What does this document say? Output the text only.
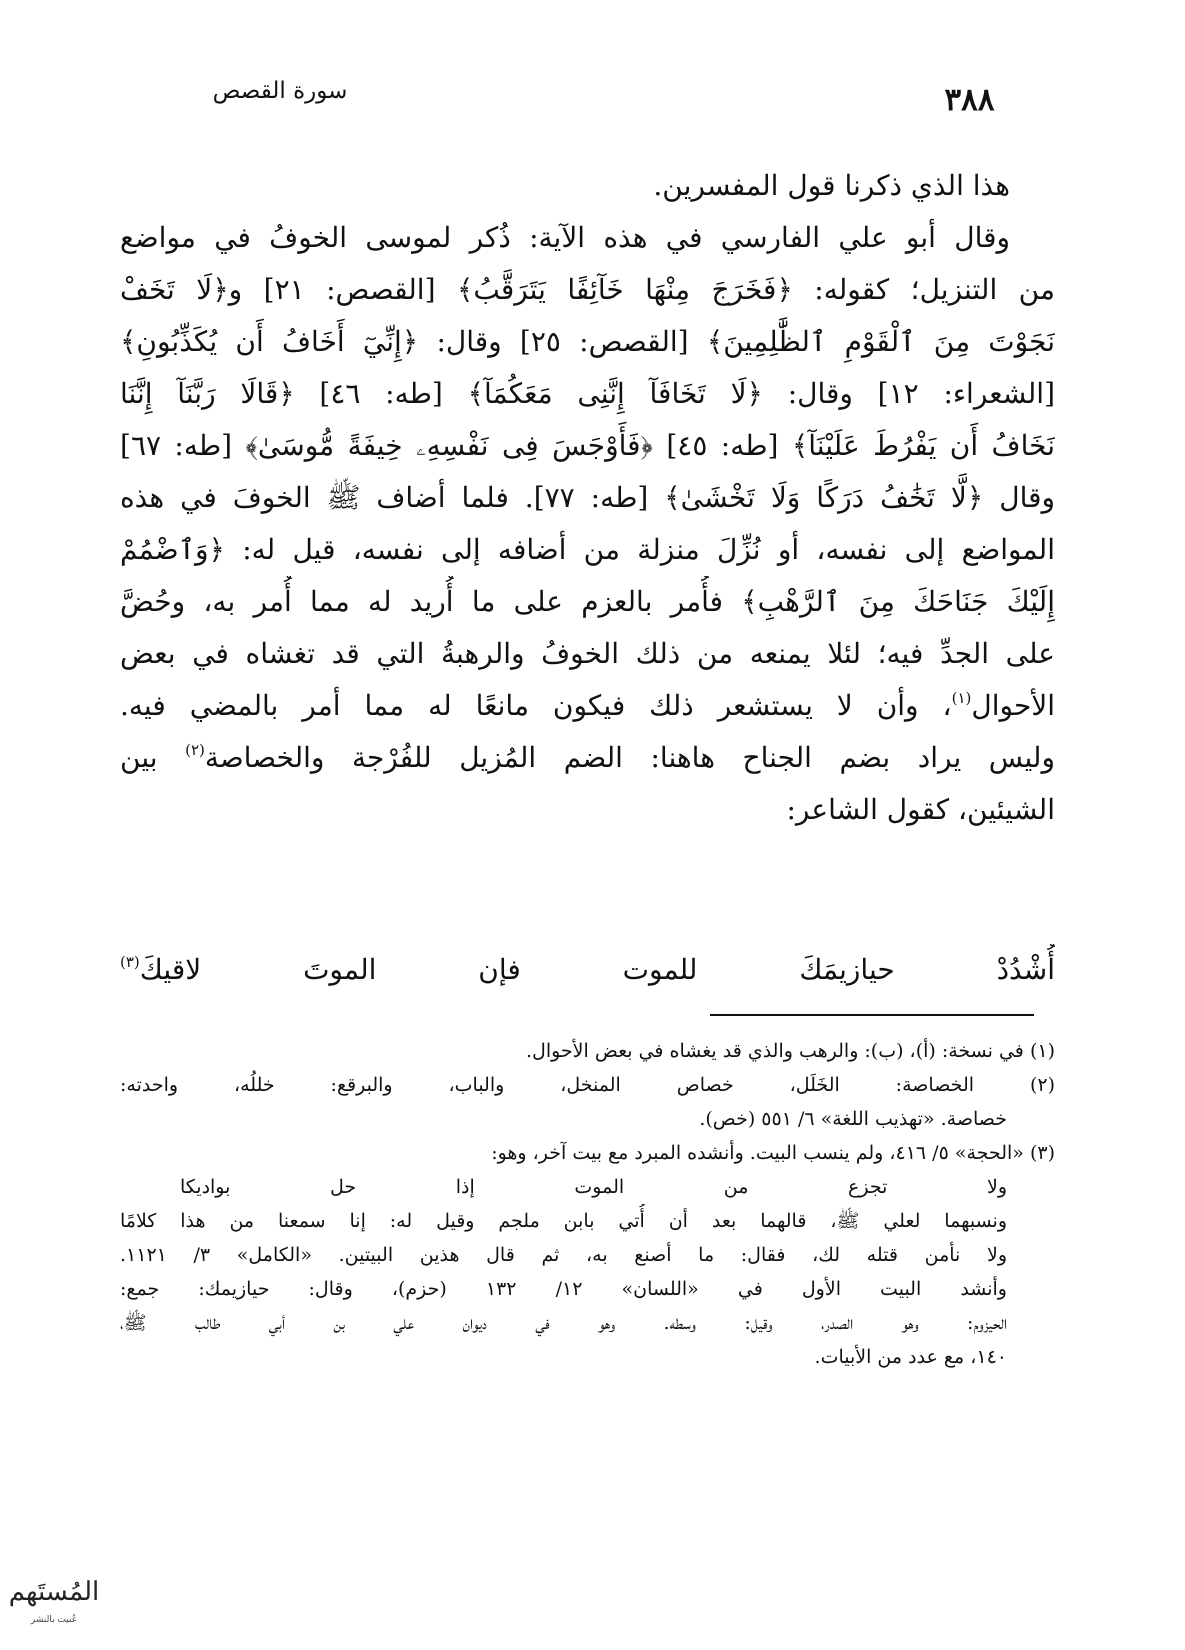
سورة القصص	٣٨٨
هذا الذي ذكرنا قول المفسرين.
وقال أبو علي الفارسي في هذه الآية: ذُكر لموسى الخوفُ في مواضع
من التنزيل؛ كقوله: ﴿فَخَرَجَ مِنْهَا خَآئِفًا يَتَرَقَّبُ﴾ [القصص: ٢١] و﴿لَا تَخَفْ
نَجَوْتَ مِنَ ٱلْقَوْمِ ٱلظَّٰلِمِينَ﴾ [القصص: ٢٥] وقال: ﴿إِنِّيٓ أَخَافُ أَن يُكَذِّبُونِ﴾
[الشعراء: ١٢] وقال: ﴿لَا تَخَافَآ إِنَّنِى مَعَكُمَآ﴾ [طه: ٤٦] ﴿قَالَا رَبَّنَآ إِنَّنَا
نَخَافُ أَن يَفْرُطَ عَلَيْنَآ﴾ [طه: ٤٥] ﴿فَأَوْجَسَ فِى نَفْسِهِۦ خِيفَةً مُّوسَىٰ﴾ [طه: ٦٧]
وقال ﴿لَّا تَخَٰفُ دَرَكًا وَلَا تَخْشَىٰ﴾ [طه: ٧٧]. فلما أضاف ﷺ الخوفَ في هذه
المواضع إلى نفسه، أو نُزِّلَ منزلة من أضافه إلى نفسه، قيل له: ﴿وَٱضْمُمْ
إِلَيْكَ جَنَاحَكَ مِنَ ٱلرَّهْبِ﴾ فأُمر بالعزم على ما أُريد له مما أُمر به، وحُضَّ
على الجدِّ فيه؛ لئلا يمنعه من ذلك الخوفُ والرهبةُ التي قد تغشاه في بعض
الأحوال$^{(١)}$، وأن لا يستشعر ذلك فيكون مانعًا له مما أمر بالمضي فيه.
وليس يراد بضم الجناح هاهنا: الضم المُزيل للفُرْجة والخصاصة$^{(٢)}$ بين
الشيئين، كقول الشاعر:
أُشْدُدْ حيازيمَكَ للموت فإن الموتَ لاقيكَ$^{(٣)}$
(١) في نسخة: (أ)، (ب): والرهب والذي قد يغشاه في بعض الأحوال.
(٢) الخصاصة: الخَلَل، خصاص المنخل، والباب، والبرقع: خللُه، واحدته:
خصاصة. «تهذيب اللغة» ٦/ ٥٥١ (خص).
(٣) «الحجة» ٥/ ٤١٦، ولم ينسب البيت. وأنشده المبرد مع بيت آخر، وهو:
ولا تجزع من الموت إذا حل بواديكا
ونسبهما لعلي ﷺ، قالهما بعد أن أُتي بابن ملجم وقيل له: إنا سمعنا من هذا كلامًا
ولا نأمن قتله لك، فقال: ما أصنع به، ثم قال هذين البيتين. «الكامل» ٣/ ١١٢١.
وأنشد البيت الأول في «اللسان» ١٢/ ١٣٢ (حزم)، وقال: حيازيمك: جمع:
الحيزوم: وهو الصدر، وقيل: وسطه. وهو في ديوان علي بن أبي طالب ﷺ،
١٤٠، مع عدد من الأبيات.
المُستَهم
عُنيت بالنشر
